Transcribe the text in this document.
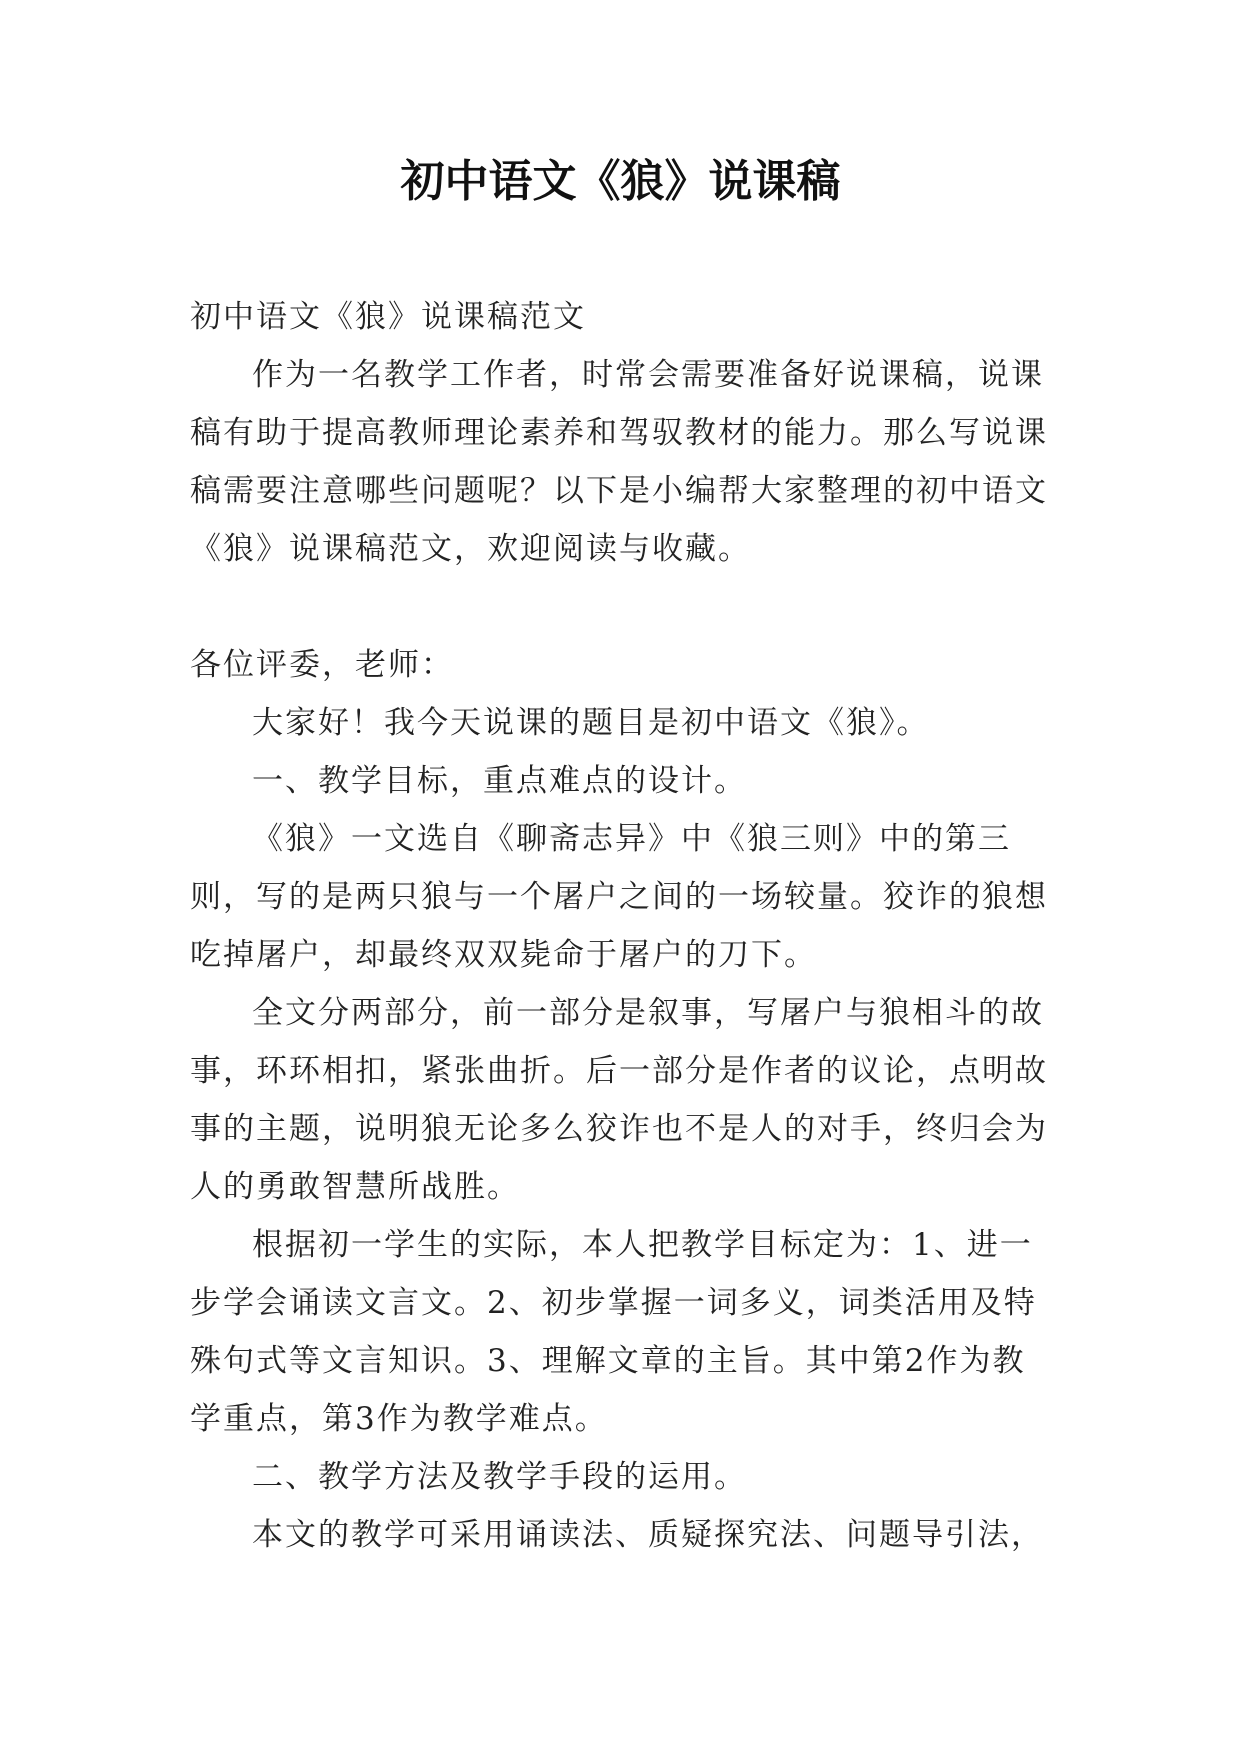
初中语文《狼》说课稿

初中语文《狼》说课稿范文

作为一名教学工作者，时常会需要准备好说课稿，说课稿有助于提高教师理论素养和驾驭教材的能力。那么写说课稿需要注意哪些问题呢？以下是小编帮大家整理的初中语文《狼》说课稿范文，欢迎阅读与收藏。

各位评委，老师：

大家好！我今天说课的题目是初中语文《狼》。

一、教学目标，重点难点的设计。

《狼》一文选自《聊斋志异》中《狼三则》中的第三则，写的是两只狼与一个屠户之间的一场较量。狡诈的狼想吃掉屠户，却最终双双毙命于屠户的刀下。

全文分两部分，前一部分是叙事，写屠户与狼相斗的故事，环环相扣，紧张曲折。后一部分是作者的议论，点明故事的主题，说明狼无论多么狡诈也不是人的对手，终归会为人的勇敢智慧所战胜。

根据初一学生的实际，本人把教学目标定为：1、进一步学会诵读文言文。2、初步掌握一词多义，词类活用及特殊句式等文言知识。3、理解文章的主旨。其中第2作为教学重点，第3作为教学难点。

二、教学方法及教学手段的运用。

本文的教学可采用诵读法、质疑探究法、问题导引法，
